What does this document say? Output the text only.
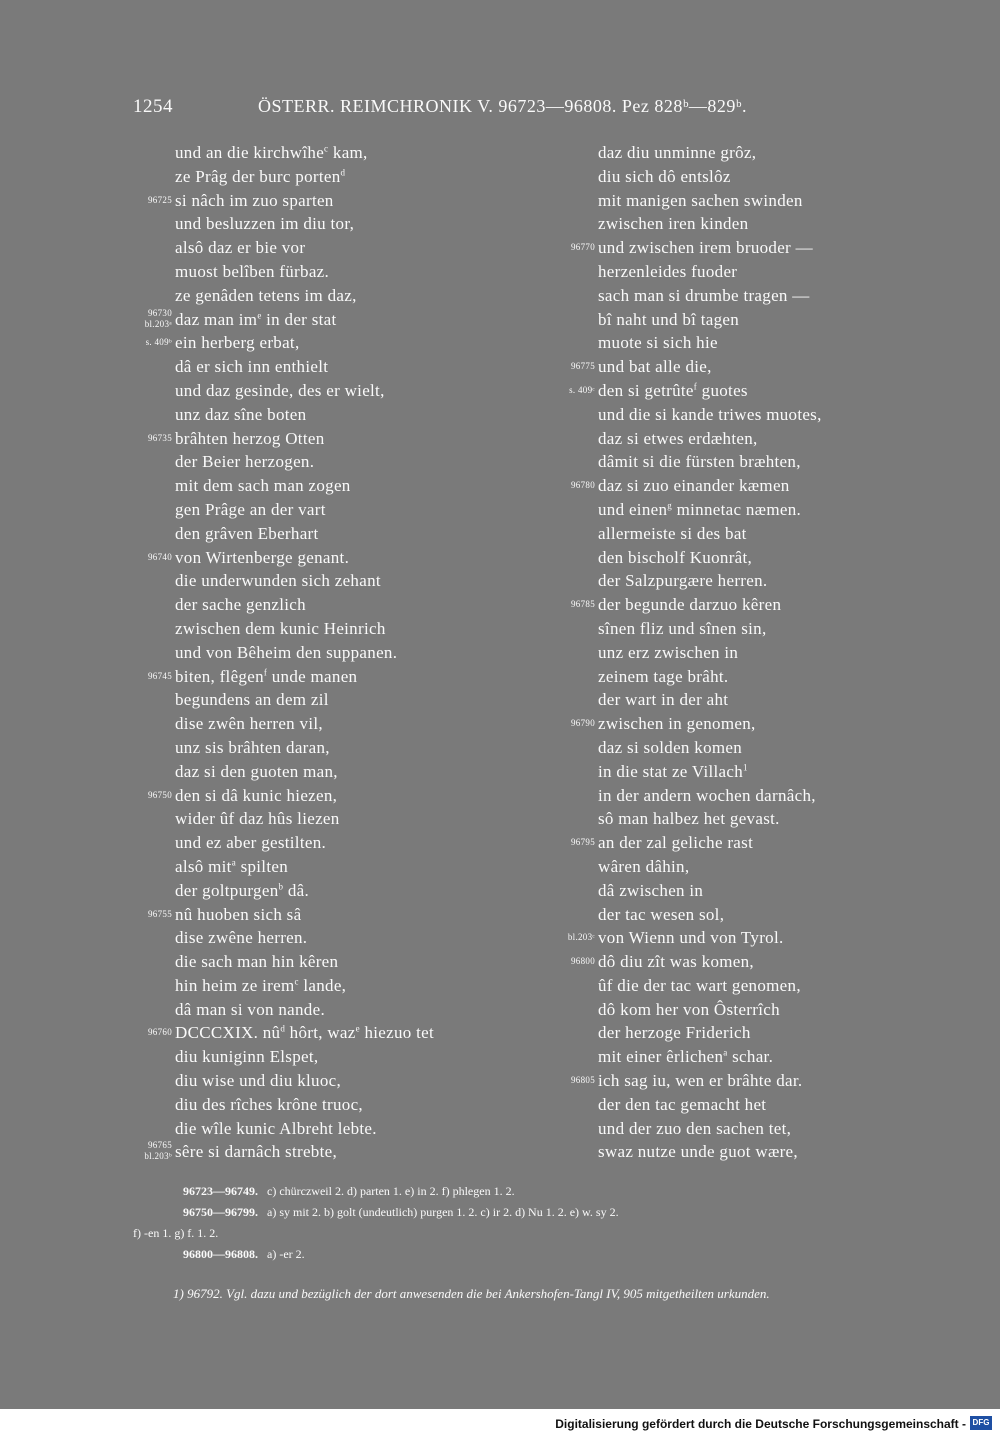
1254	ÖSTERR. REIMCHRONIK V. 96723—96808. Pez 828ᵇ—829ᵇ.
und an die kirchwîhe$^c$ kam,
ze Prâg der burc porten$^d$
96725 si nâch im zuo sparten
und besluzzen im diu tor,
alsô daz er bie vor
muost belîben fürbaz.
ze genâden tetens im daz,
96730
bl.203ᵃ daz man $im^e$ in der stat
s. 409ᵇ ein herberg erbat,
dâ er sich inn enthielt
und daz gesinde, des er wielt,
unz daz sîne boten
96735 brâhten herzog Otten
der Beier herzogen.
mit dem sach man zogen
gen Prâge an der vart
den grâven Eberhart
96740 von Wirtenberge genant.
die underwunden sich zehant
der sache genzlich
zwischen dem kunic Heinrich
und von Bêheim den suppanen.
96745 biten, flêgen$^f$ unde manen
begundens an dem zil
dise zwên herren vil,
unz sis brâhten daran,
daz si den guoten man,
96750 den si dâ kunic hiezen,
wider ûf daz hûs liezen
und ez aber gestilten.
alsô mit$^a$ spilten
der goltpurgen$^b$ dâ.
96755 nû huoben sich sâ
dise zwêne herren.
die sach man hin kêren
hin heim ze irem$^c$ lande,
dâ man si von nande.
96760 DCCCXIX. $nû^d$ hôrt, waz$^e$ hiezuo tet
diu kuniginn Elspet,
diu wise und diu kluoc,
diu des rîches krône truoc,
die wîle kunic Albreht lebte.
96765
bl.203ᵇ sêre si darnâch strebte,
daz diu unminne grôz,
diu sich dô entslôz
mit manigen sachen swinden
zwischen iren kinden
96770 und zwischen irem bruoder —
herzenleides fuoder
sach man si drumbe tragen —
bî naht und bî tagen
muote si sich hie
96775 und bat alle die,
s. 409ᶜ den si getrûte$^f$ guotes
und die si kande triwes muotes,
daz si etwes erdæhten,
dâmit si die fürsten bræhten,
96780 daz si zuo einander kæmen
und einen$^g$ minnetac næmen.
allermeiste si des bat
den bischolf Kuonrât,
der Salzpurgære herren.
96785 der begunde darzuo kêren
sînen fliz und sînen sin,
unz erz zwischen in
zeinem tage brâht.
der wart in der aht
96790 zwischen in genomen,
daz si solden komen
in die stat ze Villach$^1$
in der andern wochen darnâch,
sô man halbez het gevast.
96795 an der zal geliche rast
wâren dâhin,
dâ zwischen in
der tac wesen sol,
bl.203ᶜ von Wienn und von Tyrol.
96800 dô diu zît was komen,
ûf die der tac wart genomen,
dô kom her von Ôsterrîch
der herzoge Friderich
mit einer êrlichen$^a$ schar.
96805 ich sag iu, wen er brâhte dar.
der den tac gemacht het
und der zuo den sachen tet,
swaz nutze unde guot wære,
96723—96749. c) chürczweil 2. d) parten 1. e) in 2. f) phlegen 1. 2.
96750—96799. a) sy mit 2. b) golt (undeutlich) purgen 1. 2. c) ir 2. d) Nu 1. 2. e) w. sy 2.
f) -en 1. g) f. 1. 2.
96800—96808. a) -er 2.
1) 96792. Vgl. dazu und bezüglich der dort anwesenden die bei Ankershofen-Tangl IV, 905 mitgetheilten urkunden.
Digitalisierung gefördert durch die Deutsche Forschungsgemeinschaft - DFG
